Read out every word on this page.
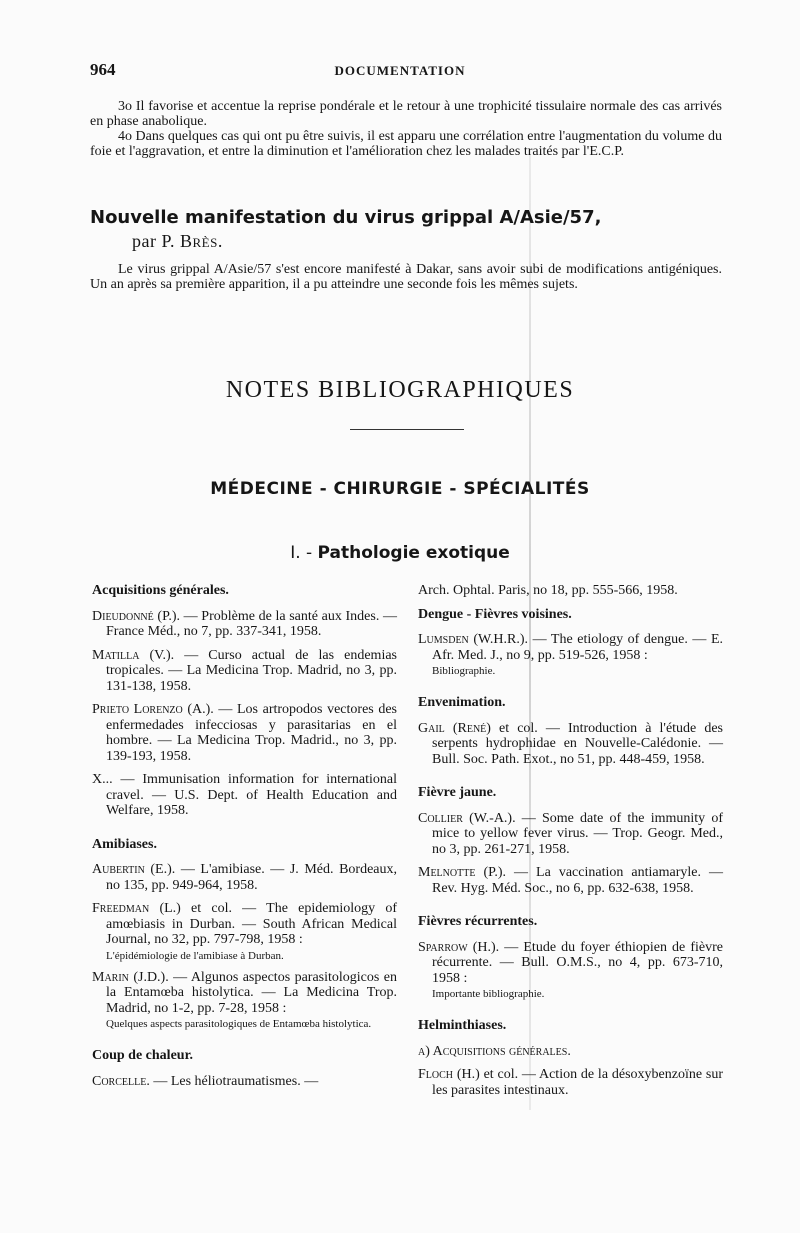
964	DOCUMENTATION
3o Il favorise et accentue la reprise pondérale et le retour à une trophicité tissulaire normale des cas arrivés en phase anabolique.
4o Dans quelques cas qui ont pu être suivis, il est apparu une corrélation entre l'augmentation du volume du foie et l'aggravation, et entre la diminution et l'amélioration chez les malades traités par l'E.C.P.
Nouvelle manifestation du virus grippal A/Asie/57,
par P. Brès.
Le virus grippal A/Asie/57 s'est encore manifesté à Dakar, sans avoir subi de modifications antigéniques. Un an après sa première apparition, il a pu atteindre une seconde fois les mêmes sujets.
NOTES BIBLIOGRAPHIQUES
MÉDECINE - CHIRURGIE - SPÉCIALITÉS
I. - Pathologie exotique
Acquisitions générales.
Dieudonné (P.). — Problème de la santé aux Indes. — France Méd., no 7, pp. 337-341, 1958.
Matilla (V.). — Curso actual de las endemias tropicales. — La Medicina Trop. Madrid, no 3, pp. 131-138, 1958.
Prieto Lorenzo (A.). — Los artropodos vectores des enfermedades infecciosas y parasitarias en el hombre. — La Medicina Trop. Madrid., no 3, pp. 139-193, 1958.
X... — Immunisation information for international cravel. — U.S. Dept. of Health Education and Welfare, 1958.
Amibiases.
Aubertin (E.). — L'amibiase. — J. Méd. Bordeaux, no 135, pp. 949-964, 1958.
Freedman (L.) et col. — The epidemiology of amœbiasis in Durban. — South African Medical Journal, no 32, pp. 797-798, 1958 :
L'épidémiologie de l'amibiase à Durban.
Marin (J.D.). — Algunos aspectos parasitologicos en la Entamœba histolytica. — La Medicina Trop. Madrid, no 1-2, pp. 7-28, 1958 :
Quelques aspects parasitologiques de Entamœba histolytica.
Coup de chaleur.
Corcelle. — Les héliotraumatismes. —
Arch. Ophtal. Paris, no 18, pp. 555-566, 1958.
Dengue - Fièvres voisines.
Lumsden (W.H.R.). — The etiology of dengue. — E. Afr. Med. J., no 9, pp. 519-526, 1958 :
Bibliographie.
Envenimation.
Gail (René) et col. — Introduction à l'étude des serpents hydrophidae en Nouvelle-Calédonie. — Bull. Soc. Path. Exot., no 51, pp. 448-459, 1958.
Fièvre jaune.
Collier (W.-A.). — Some date of the immunity of mice to yellow fever virus. — Trop. Geogr. Med., no 3, pp. 261-271, 1958.
Melnotte (P.). — La vaccination antiamaryle. — Rev. Hyg. Méd. Soc., no 6, pp. 632-638, 1958.
Fièvres récurrentes.
Sparrow (H.). — Etude du foyer éthiopien de fièvre récurrente. — Bull. O.M.S., no 4, pp. 673-710, 1958 :
Importante bibliographie.
Helminthiases.
a) Acquisitions générales.
Floch (H.) et col. — Action de la désoxybenzoïne sur les parasites intestinaux.
